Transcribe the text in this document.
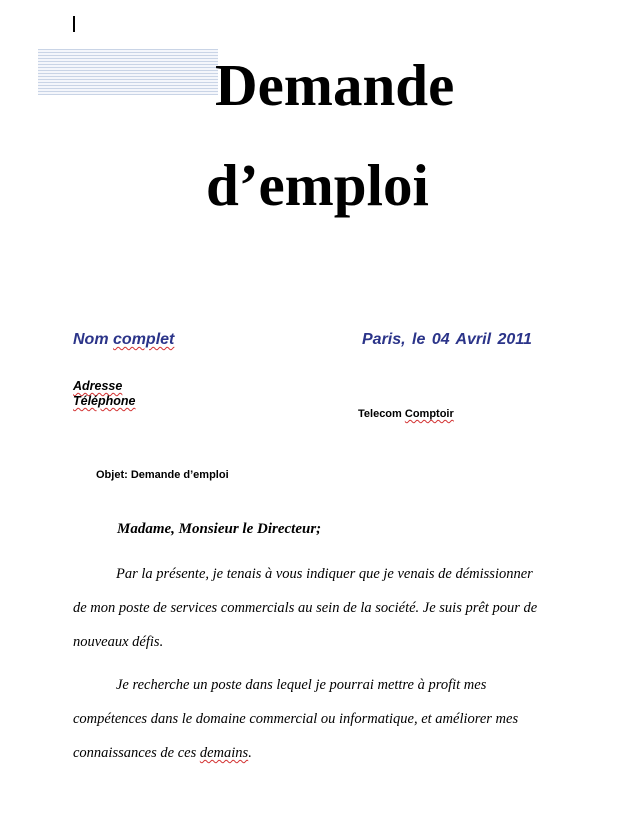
Demande
d’emploi
Nom complet	Paris, le 04 Avril 2011
Adresse
Téléphone
Telecom Comptoir
Objet: Demande d’emploi
Madame, Monsieur le Directeur;
Par la présente, je tenais à vous indiquer que je venais de démissionner
de mon poste de services commercials au sein de la société. Je suis prêt pour de
nouveaux défis.
Je recherche un poste dans lequel je pourrai mettre à profit mes
compétences dans le domaine commercial ou informatique, et améliorer mes
connaissances de ces demains.
